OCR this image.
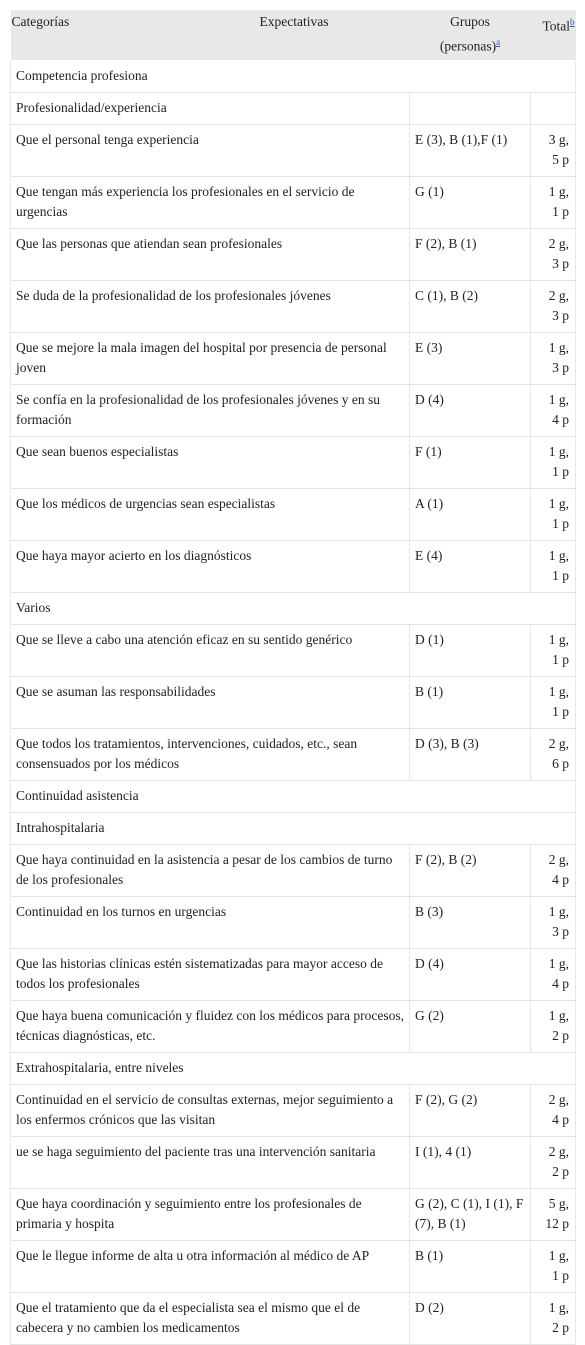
Categorías Expectativas	Grupos
(personas)$^a$	Total$^b$
Competencia profesiona		
Profesionalidad/experiencia		
Que el personal tenga experiencia	E (3), B (1),F (1)	3 g,
5 p
Que tengan más experiencia los profesionales en el servicio de urgencias	G (1)	1 g,
1 p
Que las personas que atiendan sean profesionales	F (2), B (1)	2 g,
3 p
Se duda de la profesionalidad de los profesionales jóvenes	C (1), B (2)	2 g,
3 p
Que se mejore la mala imagen del hospital por presencia de personal joven	E (3)	1 g,
3 p
Se confía en la profesionalidad de los profesionales jóvenes y en su formación	D (4)	1 g,
4 p
Que sean buenos especialistas	F (1)	1 g,
1 p
Que los médicos de urgencias sean especialistas	A (1)	1 g,
1 p
Que haya mayor acierto en los diagnósticos	E (4)	1 g,
1 p
Varios		
Que se lleve a cabo una atención eficaz en su sentido genérico	D (1)	1 g,
1 p
Que se asuman las responsabilidades	B (1)	1 g,
1 p
Que todos los tratamientos, intervenciones, cuidados, etc., sean consensuados por los médicos	D (3), B (3)	2 g,
6 p
Continuidad asistencia		
Intrahospitalaria		
Que haya continuidad en la asistencia a pesar de los cambios de turno de los profesionales	F (2), B (2)	2 g,
4 p
Continuidad en los turnos en urgencias	B (3)	1 g,
3 p
Que las historias clínicas estén sistematizadas para mayor acceso de todos los profesionales	D (4)	1 g,
4 p
Que haya buena comunicación y fluidez con los médicos para procesos, técnicas diagnósticas, etc.	G (2)	1 g,
2 p
Extrahospitalaria, entre niveles		
Continuidad en el servicio de consultas externas, mejor seguimiento a los enfermos crónicos que las visitan	F (2), G (2)	2 g,
4 p
ue se haga seguimiento del paciente tras una intervención sanitaria	I (1), 4 (1)	2 g,
2 p
Que haya coordinación y seguimiento entre los profesionales de primaria y hospita	G (2), C (1), I (1), F (7), B (1)	5 g,
12 p
Que le llegue informe de alta u otra información al médico de AP	B (1)	1 g,
1 p
Que el tratamiento que da el especialista sea el mismo que el de cabecera y no cambien los medicamentos	D (2)	1 g,
2 p
